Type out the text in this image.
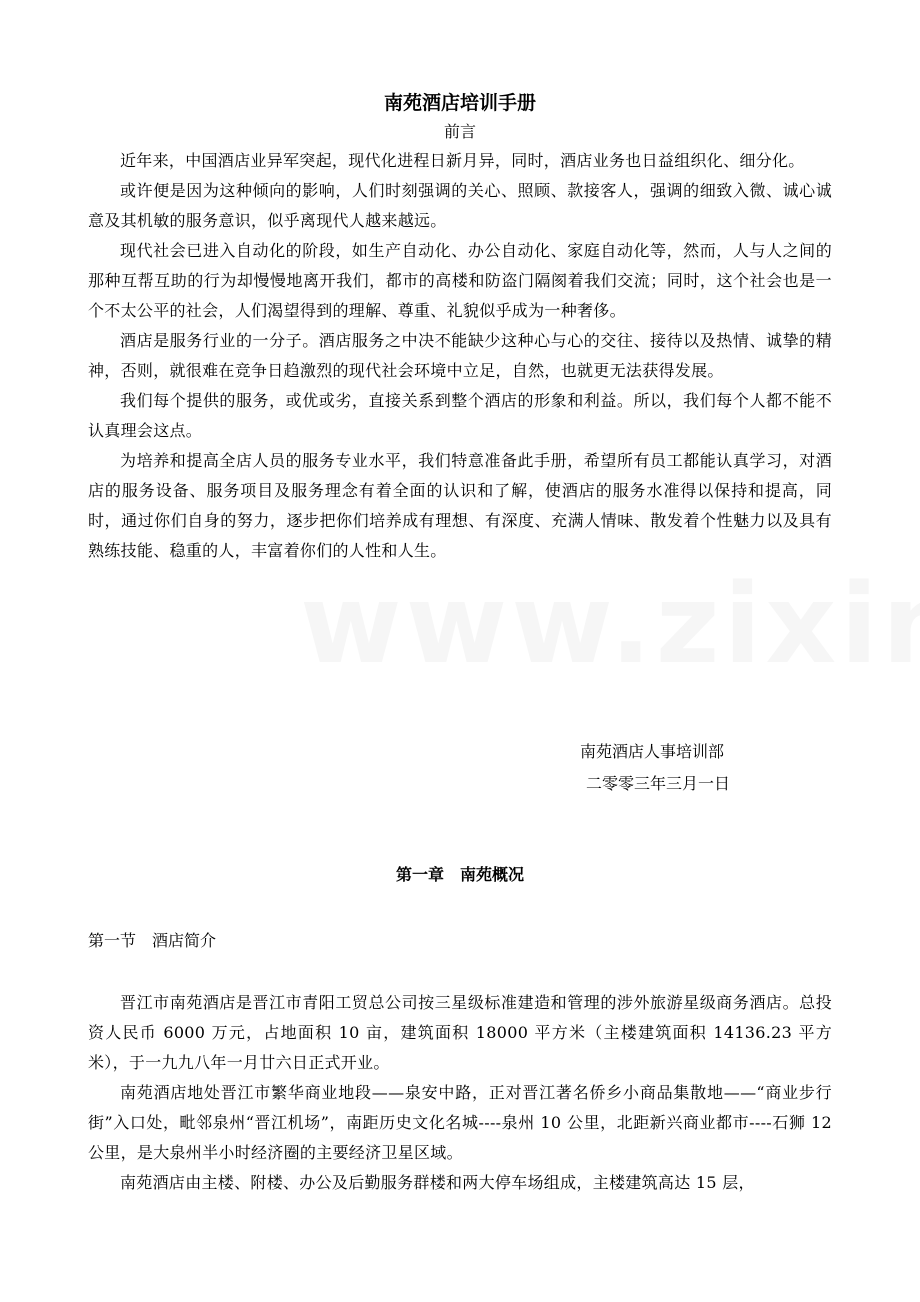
南苑酒店培训手册

前言

近年来，中国酒店业异军突起，现代化进程日新月异，同时，酒店业务也日益组织化、细分化。

或许便是因为这种倾向的影响，人们时刻强调的关心、照顾、款接客人，强调的细致入微、诚心诚意及其机敏的服务意识，似乎离现代人越来越远。

现代社会已进入自动化的阶段，如生产自动化、办公自动化、家庭自动化等，然而，人与人之间的那种互帮互助的行为却慢慢地离开我们，都市的高楼和防盗门隔阂着我们交流；同时，这个社会也是一个不太公平的社会，人们渴望得到的理解、尊重、礼貌似乎成为一种奢侈。

酒店是服务行业的一分子。酒店服务之中决不能缺少这种心与心的交往、接待以及热情、诚挚的精神，否则，就很难在竞争日趋激烈的现代社会环境中立足，自然，也就更无法获得发展。

我们每个提供的服务，或优或劣，直接关系到整个酒店的形象和利益。所以，我们每个人都不能不认真理会这点。

为培养和提高全店人员的服务专业水平，我们特意准备此手册，希望所有员工都能认真学习，对酒店的服务设备、服务项目及服务理念有着全面的认识和了解，使酒店的服务水准得以保持和提高，同时，通过你们自身的努力，逐步把你们培养成有理想、有深度、充满人情味、散发着个性魅力以及具有熟练技能、稳重的人，丰富着你们的人性和人生。

南苑酒店人事培训部

二零零三年三月一日

第一章　南苑概况

第一节　酒店简介

晋江市南苑酒店是晋江市青阳工贸总公司按三星级标准建造和管理的涉外旅游星级商务酒店。总投资人民币 6000 万元，占地面积 10 亩，建筑面积 18000 平方米（主楼建筑面积 14136.23 平方米），于一九九八年一月廿六日正式开业。

南苑酒店地处晋江市繁华商业地段——泉安中路，正对晋江著名侨乡小商品集散地——“商业步行街”入口处，毗邻泉州“晋江机场”，南距历史文化名城----泉州 10 公里，北距新兴商业都市----石狮 12 公里，是大泉州半小时经济圈的主要经济卫星区域。

南苑酒店由主楼、附楼、办公及后勤服务群楼和两大停车场组成，主楼建筑高达 15 层，
